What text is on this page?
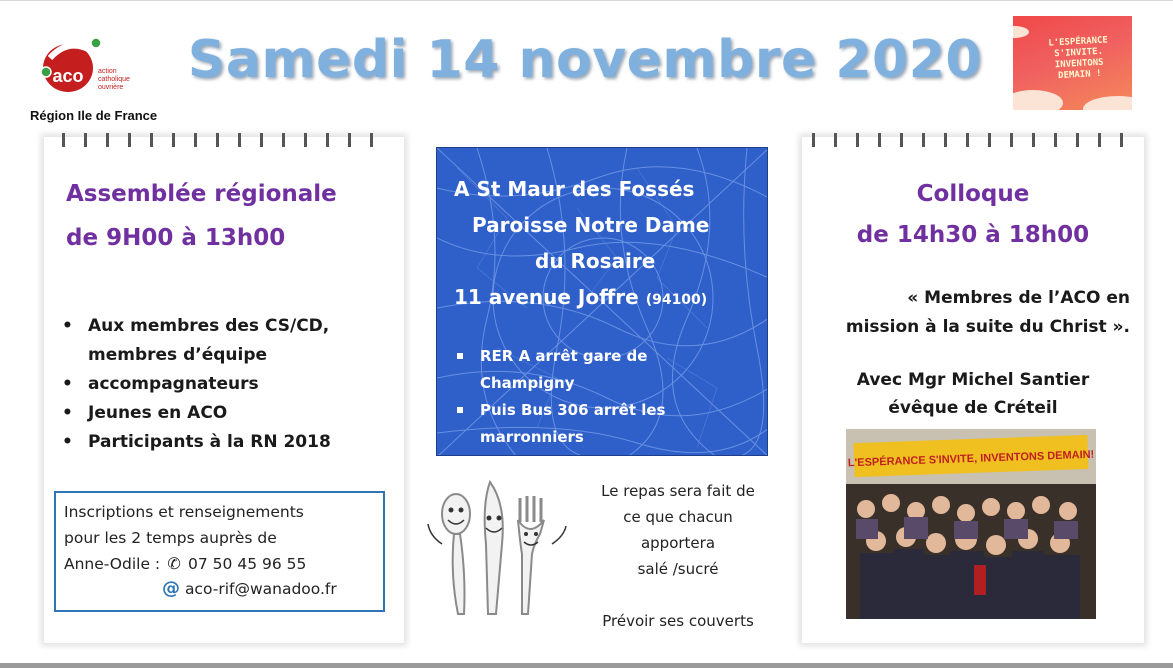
aco action
catholique
ouvrière
Région Ile de France
Samedi 14 novembre 2020	L'ESPÉRANCE
S'INVITE.
INVENTONS
DEMAIN !
Assemblée régionale
de 9H00 à 13h00
• Aux membres des CS/CD,
membres d’équipe
• accompagnateurs
• Jeunes en ACO
• Participants à la RN 2018
Inscriptions et renseignements
pour les 2 temps auprès de
Anne-Odile : ✆ 07 50 45 96 55
@ aco-rif@wanadoo.fr
A St Maur des Fossés
Paroisse Notre Dame
du Rosaire
11 avenue Joffre (94100)
RER A arrêt gare de
Champigny
Puis Bus 306 arrêt les
marronniers
Le repas sera fait de
ce que chacun
apportera
salé /sucré
Prévoir ses couverts
Colloque
de 14h30 à 18h00
« Membres de l’ACO en
mission à la suite du Christ ».
Avec Mgr Michel Santier
évêque de Créteil
L'ESPÉRANCE S'INVITE, INVENTONS DEMAIN!
